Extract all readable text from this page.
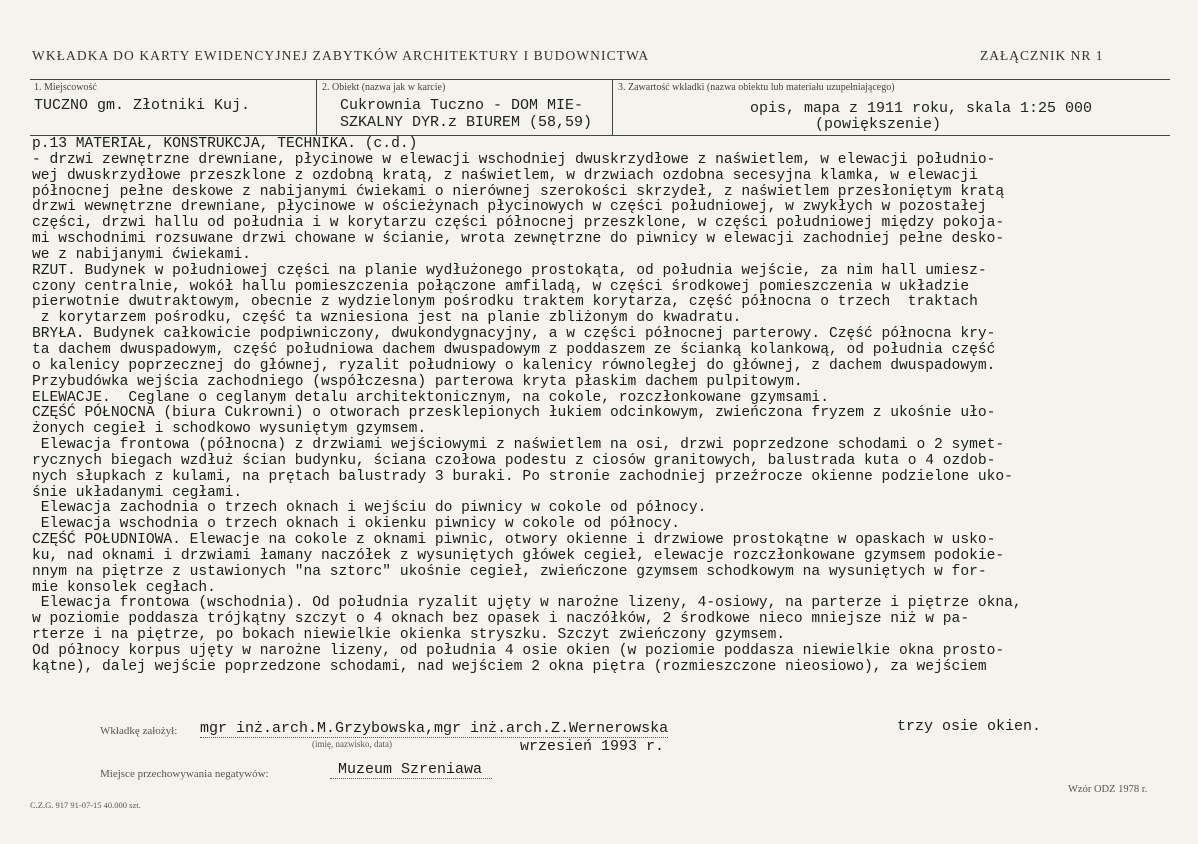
WKŁADKA DO KARTY EWIDENCYJNEJ ZABYTKÓW ARCHITEKTURY I BUDOWNICTWA	ZAŁĄCZNIK NR 1
1. Miejscowość
TUCZNO gm. Złotniki Kuj.
2. Obiekt (nazwa jak w karcie)
Cukrownia Tuczno - DOM MIE-
SZKALNY DYR.z BIUREM (58,59)
3. Zawartość wkładki (nazwa obiektu lub materiału uzupełniającego)
opis, mapa z 1911 roku, skala 1:25 000
(powiększenie)
p.13 MATERIAŁ, KONSTRUKCJA, TECHNIKA. (c.d.)
- drzwi zewnętrzne drewniane, płycinowe w elewacji wschodniej dwuskrzydłowe z naświetlem, w elewacji południo-
wej dwuskrzydłowe przeszklone z ozdobną kratą, z naświetlem, w drzwiach ozdobna secesyjna klamka, w elewacji
północnej pełne deskowe z nabijanymi ćwiekami o nierównej szerokości skrzydeł, z naświetlem przesłoniętym kratą
drzwi wewnętrzne drewniane, płycinowe w ościeżynach płycinowych w części południowej, w zwykłych w pozostałej
części, drzwi hallu od południa i w korytarzu części północnej przeszklone, w części południowej między pokoja-
mi wschodnimi rozsuwane drzwi chowane w ścianie, wrota zewnętrzne do piwnicy w elewacji zachodniej pełne desko-
we z nabijanymi ćwiekami.
RZUT. Budynek w południowej części na planie wydłużonego prostokąta, od południa wejście, za nim hall umiesz-
czony centralnie, wokół hallu pomieszczenia połączone amfiladą, w części środkowej pomieszczenia w układzie
pierwotnie dwutraktowym, obecnie z wydzielonym pośrodku traktem korytarza, część północna o trzech  traktach
z korytarzem pośrodku, część ta wzniesiona jest na planie zbliżonym do kwadratu.
BRYŁA. Budynek całkowicie podpiwniczony, dwukondygnacyjny, a w części północnej parterowy. Część północna kry-
ta dachem dwuspadowym, część południowa dachem dwuspadowym z poddaszem ze ścianką kolankową, od południa część
o kalenicy poprzecznej do głównej, ryzalit południowy o kalenicy równoległej do głównej, z dachem dwuspadowym.
Przybudówka wejścia zachodniego (współczesna) parterowa kryta płaskim dachem pulpitowym.
ELEWACJE.  Ceglane o ceglanym detalu architektonicznym, na cokole, rozczłonkowane gzymsami.
CZĘŚĆ PÓŁNOCNA (biura Cukrowni) o otworach przesklepionych łukiem odcinkowym, zwieńczona fryzem z ukośnie uło-
żonych cegieł i schodkowo wysuniętym gzymsem.
Elewacja frontowa (północna) z drzwiami wejściowymi z naświetlem na osi, drzwi poprzedzone schodami o 2 symet-
rycznych biegach wzdłuż ścian budynku, ściana czołowa podestu z ciosów granitowych, balustrada kuta o 4 ozdob-
nych słupkach z kulami, na prętach balustrady 3 buraki. Po stronie zachodniej przeźrocze okienne podzielone uko-
śnie układanymi cegłami.
Elewacja zachodnia o trzech oknach i wejściu do piwnicy w cokole od północy.
Elewacja wschodnia o trzech oknach i okienku piwnicy w cokole od północy.
CZĘŚĆ POŁUDNIOWA. Elewacje na cokole z oknami piwnic, otwory okienne i drzwiowe prostokątne w opaskach w usko-
ku, nad oknami i drzwiami łamany naczółek z wysuniętych główek cegieł, elewacje rozczłonkowane gzymsem podokie-
nnym na piętrze z ustawionych "na sztorc" ukośnie cegieł, zwieńczone gzymsem schodkowym na wysuniętych w for-
mie konsolek cegłach.
Elewacja frontowa (wschodnia). Od południa ryzalit ujęty w narożne lizeny, 4-osiowy, na parterze i piętrze okna,
w poziomie poddasza trójkątny szczyt o 4 oknach bez opasek i naczółków, 2 środkowe nieco mniejsze niż w pa-
rterze i na piętrze, po bokach niewielkie okienka stryszku. Szczyt zwieńczony gzymsem.
Od północy korpus ujęty w narożne lizeny, od południa 4 osie okien (w poziomie poddasza niewielkie okna prosto-
kątne), dalej wejście poprzedzone schodami, nad wejściem 2 okna piętra (rozmieszczone nieosiowo), za wejściem
Wkładkę założył: mgr inż.arch.M.Grzybowska,mgr inż.arch.Z.Wernerowska
(imię, nazwisko, data)
trzy osie okien.
wrzesień 1993 r.
Miejsce przechowywania negatywów:	Muzeum Szreniawa
C.Z.G. 917 91-07-15 40.000 szt.
Wzór ODZ 1978 r.
